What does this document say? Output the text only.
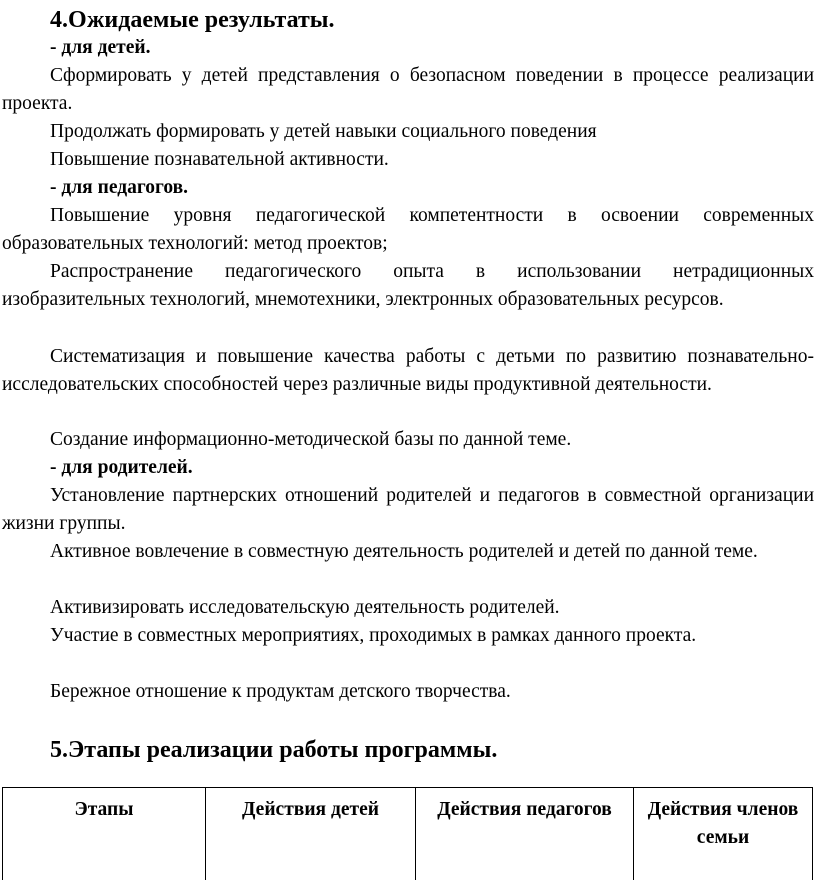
4.Ожидаемые результаты.
- для детей.

Сформировать у детей представления о безопасном поведении в процессе реализации проекта.

Продолжать формировать у детей навыки социального поведения

Повышение познавательной активности.

- для педагогов.

Повышение уровня педагогической компетентности в освоении современных образовательных технологий: метод проектов;

Распространение педагогического опыта в использовании нетрадиционных изобразительных технологий, мнемотехники, электронных образовательных ресурсов.

Систематизация и повышение качества работы с детьми по развитию познавательно-исследовательских способностей через различные виды продуктивной деятельности.

Создание информационно-методической базы по данной теме.

- для родителей.

Установление партнерских отношений родителей и педагогов в совместной организации жизни группы.

Активное вовлечение в совместную деятельность родителей и детей по данной теме.

Активизировать исследовательскую деятельность родителей.

Участие в совместных мероприятиях, проходимых в рамках данного проекта.

Бережное отношение к продуктам детского творчества.

5.Этапы реализации работы программы.
Этапы	Действия детей	Действия педагогов	Действия членов семьи
